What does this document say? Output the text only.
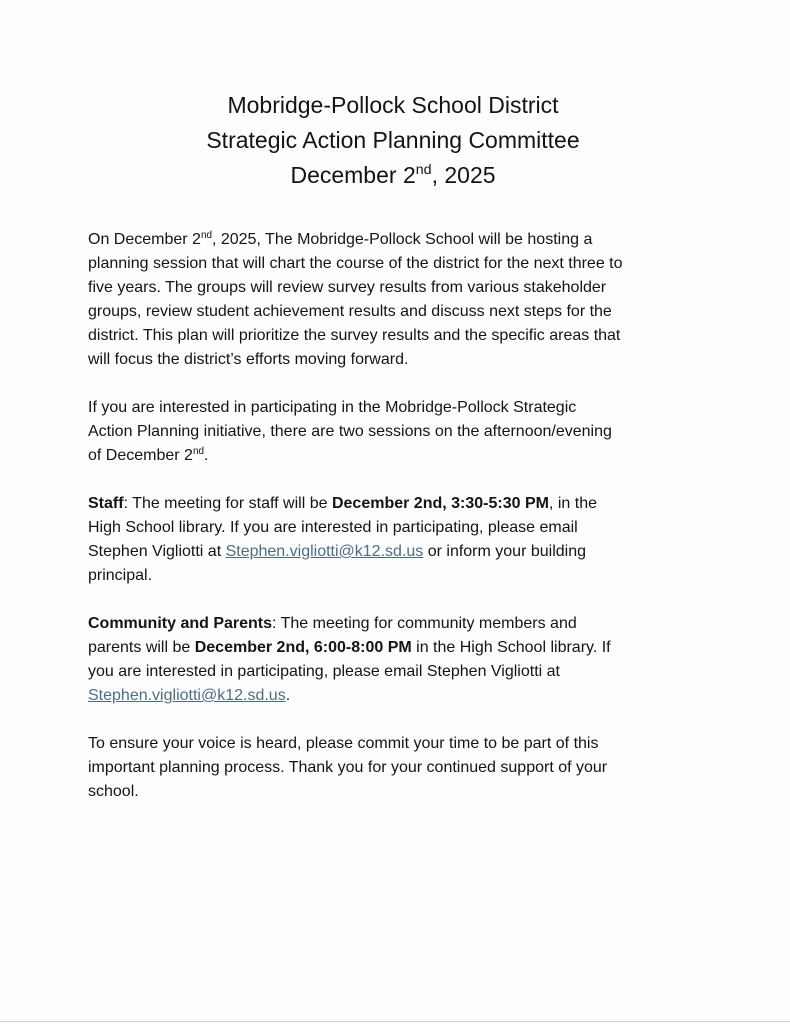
Mobridge-Pollock School District
Strategic Action Planning Committee
December 2nd, 2025
On December 2nd, 2025, The Mobridge-Pollock School will be hosting a
planning session that will chart the course of the district for the next three to
five years. The groups will review survey results from various stakeholder
groups, review student achievement results and discuss next steps for the
district. This plan will prioritize the survey results and the specific areas that
will focus the district’s efforts moving forward.
If you are interested in participating in the Mobridge-Pollock Strategic
Action Planning initiative, there are two sessions on the afternoon/evening
of December 2nd.
Staff: The meeting for staff will be December 2nd, 3:30-5:30 PM, in the
High School library. If you are interested in participating, please email
Stephen Vigliotti at Stephen.vigliotti@k12.sd.us or inform your building
principal.
Community and Parents: The meeting for community members and
parents will be December 2nd, 6:00-8:00 PM in the High School library. If
you are interested in participating, please email Stephen Vigliotti at
Stephen.vigliotti@k12.sd.us.
To ensure your voice is heard, please commit your time to be part of this
important planning process. Thank you for your continued support of your
school.
